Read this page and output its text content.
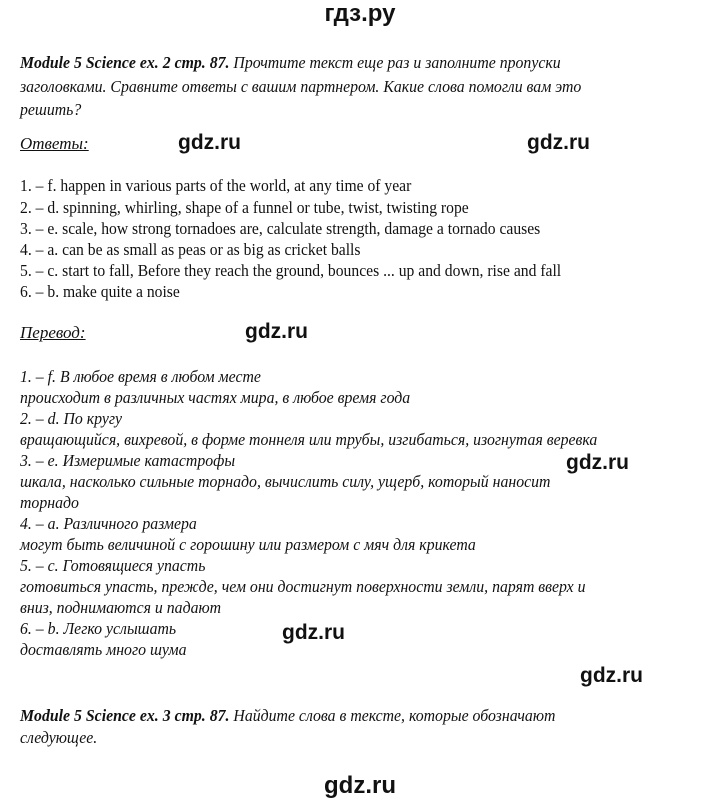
гдз.ру
Module 5 Science ex. 2 стр. 87. Прочтите текст еще раз и заполните пропуски
заголовками. Сравните ответы с вашим партнером. Какие слова помогли вам это
решить?
Ответы:	gdz.ru	gdz.ru
1. – f. happen in various parts of the world, at any time of year
2. – d. spinning, whirling, shape of a funnel or tube, twist, twisting rope
3. – e. scale, how strong tornadoes are, calculate strength, damage a tornado causes
4. – a. can be as small as peas or as big as cricket balls
5. – c. start to fall, Before they reach the ground, bounces ... up and down, rise and fall
6. – b. make quite a noise
Перевод:	gdz.ru
1. – f. В любое время в любом месте
происходит в различных частях мира, в любое время года
2. – d. По кругу
вращающийся, вихревой, в форме тоннеля или трубы, изгибаться, изогнутая веревка
3. – e. Измеримые катастрофы
шкала, насколько сильные торнадо, вычислить силу, ущерб, который наносит
торнадо
4. – a. Различного размера
могут быть величиной с горошину или размером с мяч для крикета
5. – c. Готовящиеся упасть
готовиться упасть, прежде, чем они достигнут поверхности земли, парят вверх и
вниз, поднимаются и падают
6. – b. Легко услышать
доставлять много шума
gdz.ru
gdz.ru
gdz.ru
Module 5 Science ex. 3 стр. 87. Найдите слова в тексте, которые обозначают
следующее.
gdz.ru
